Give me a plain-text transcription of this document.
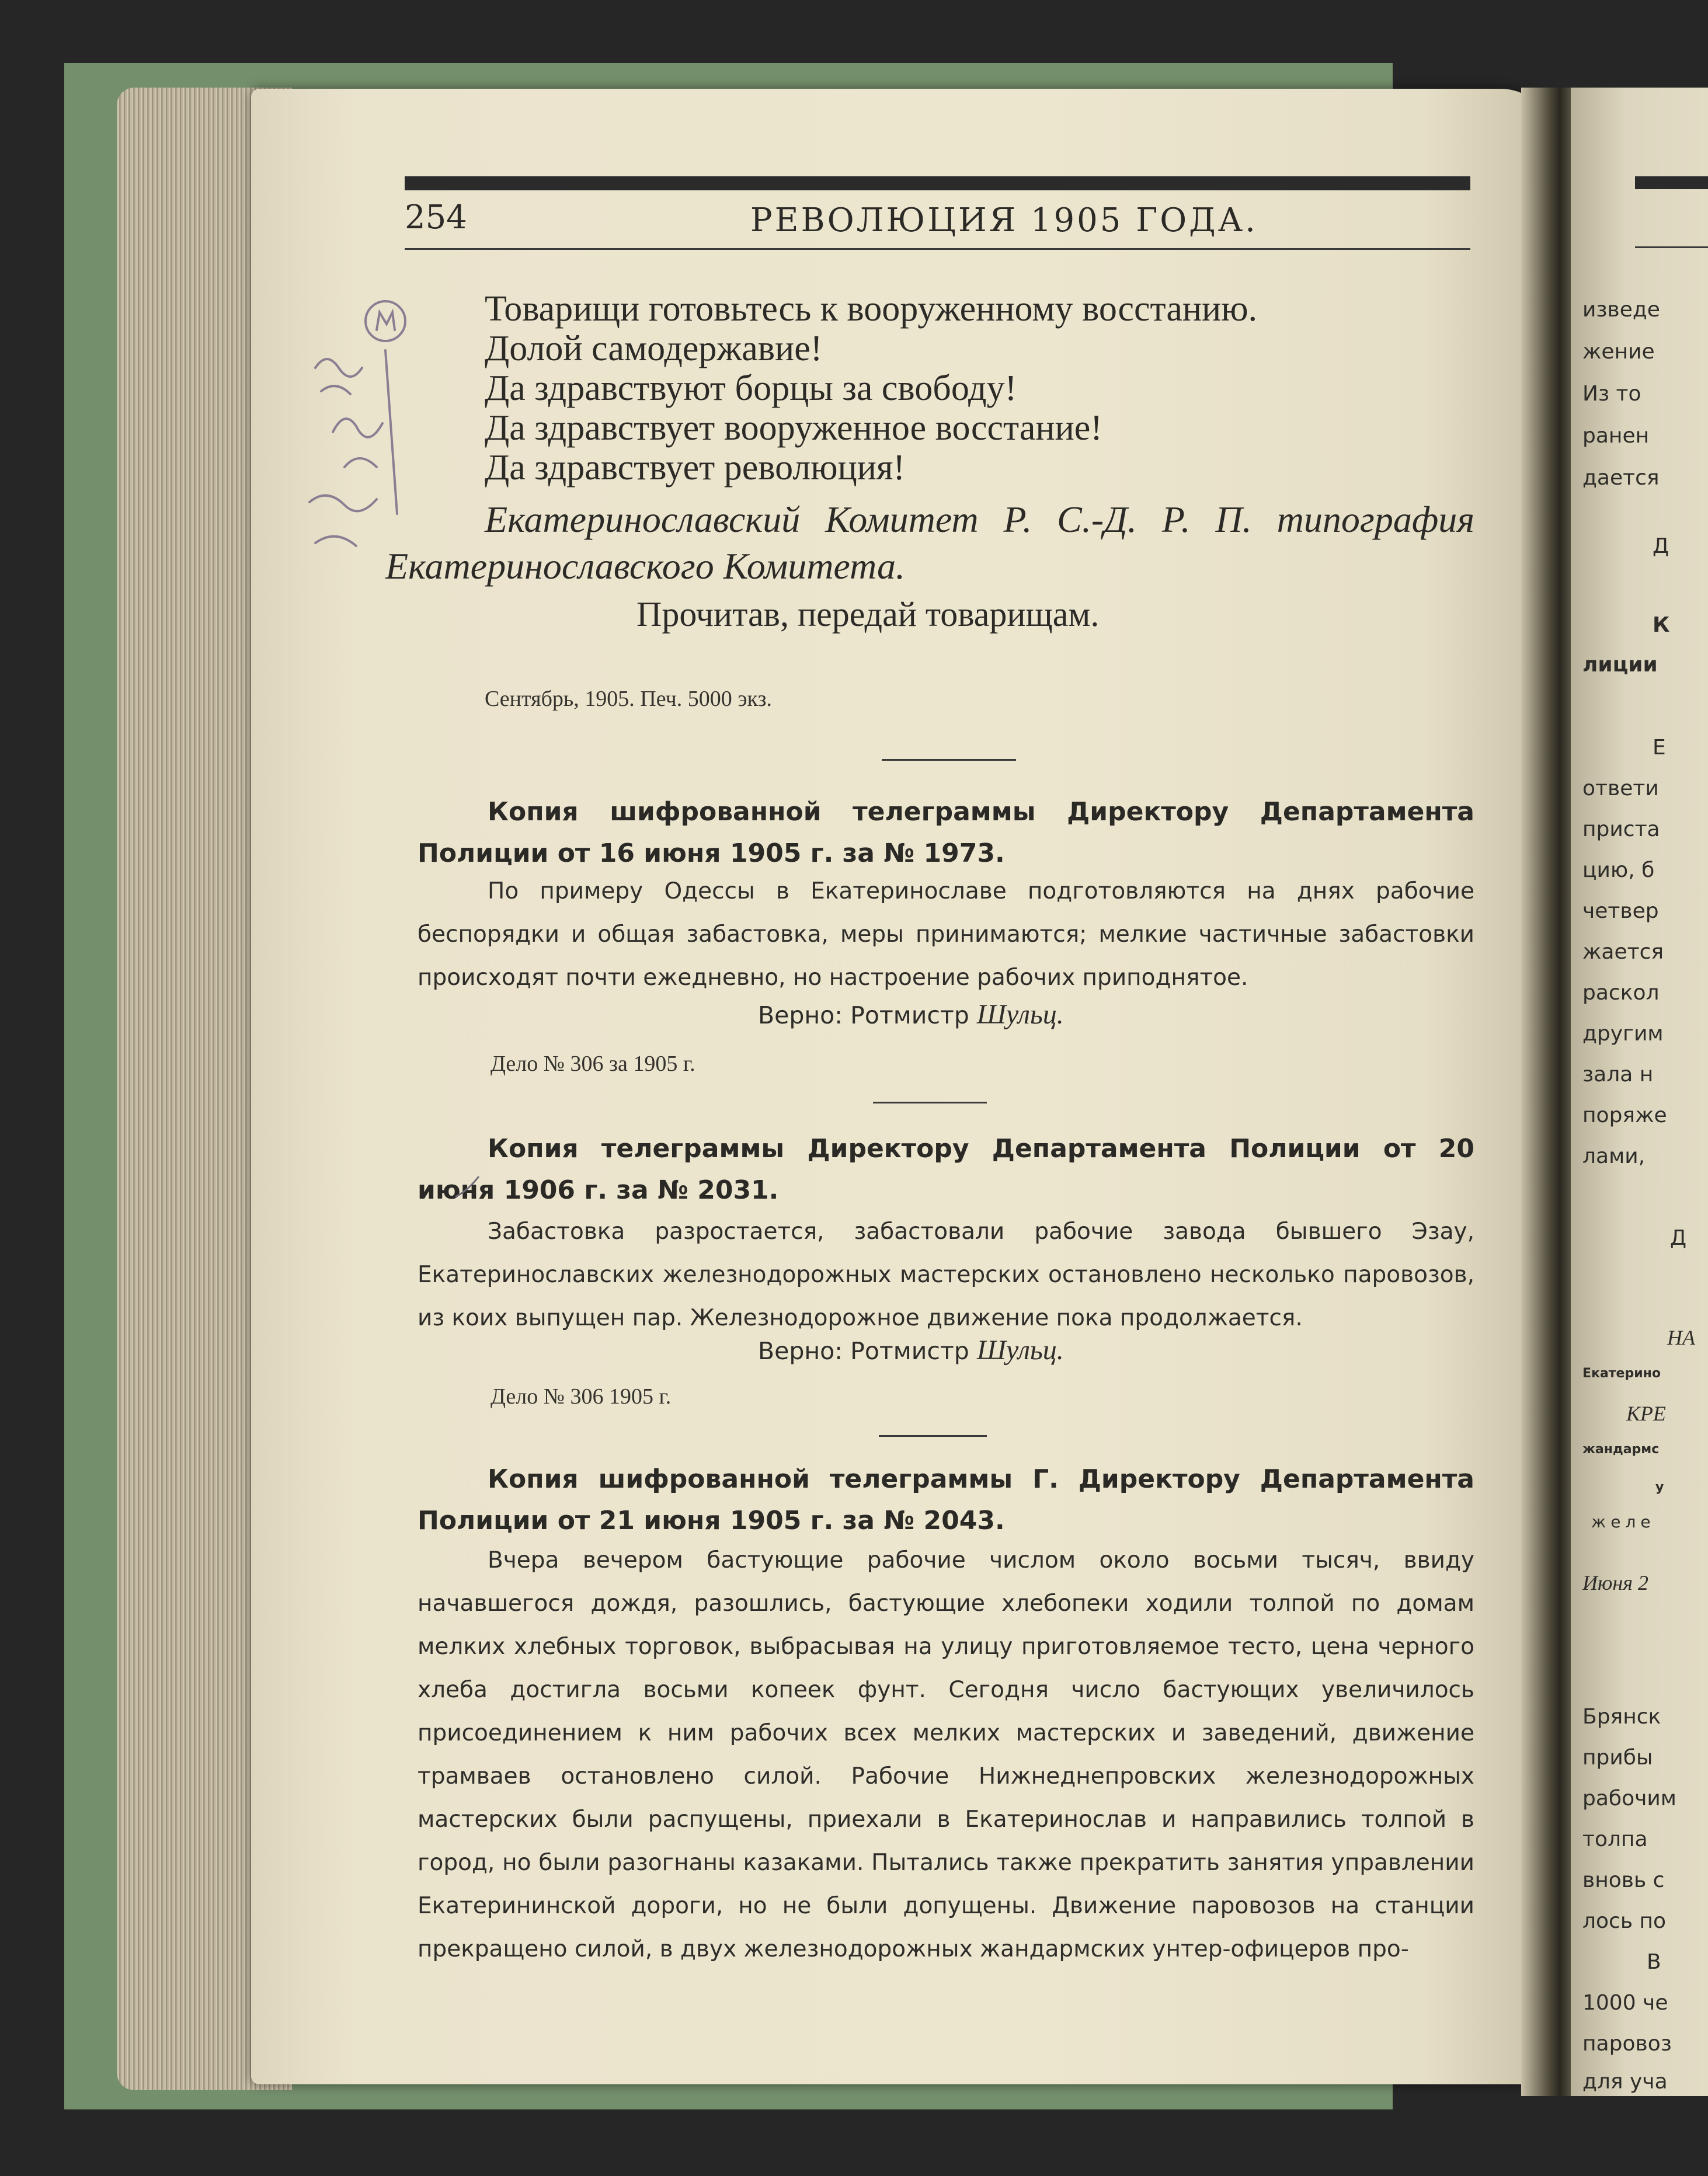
254	РЕВОЛЮЦИЯ 1905 ГОДА.
Товарищи готовьтесь к вооруженному восстанию.
Долой самодержавие!
Да здравствуют борцы за свободу!
Да здравствует вооруженное восстание!
Да здравствует революция!
Екатеринославский Комитет Р. С.-Д. Р. П. типография Екатеринославского Комитета.
Прочитав, передай товарищам.
Сентябрь, 1905. Печ. 5000 экз.
Копия шифрованной телеграммы Директору Департамента Полиции от 16 июня 1905 г. за № 1973.
По примеру Одессы в Екатеринославе подготовляются на днях рабочие беспорядки и общая забастовка, меры принимаются; мелкие частичные забастовки происходят почти ежедневно, но настроение рабочих приподнятое.
Верно: Ротмистр Шульц.
Дело № 306 за 1905 г.
Копия телеграммы Директору Департамента Полиции от 20 июня 1906 г. за № 2031.
Забастовка разростается, забастовали рабочие завода бывшего Эзау, Екатеринославских железнодорожных мастерских остановлено несколько паровозов, из коих выпущен пар. Железнодорожное движение пока продолжается.
Верно: Ротмистр Шульц.
Дело № 306 1905 г.
Копия шифрованной телеграммы Г. Директору Департамента Полиции от 21 июня 1905 г. за № 2043.
Вчера вечером бастующие рабочие числом около восьми тысяч, ввиду начавшегося дождя, разошлись, бастующие хлебопеки ходили толпой по домам мелких хлебных торговок, выбрасывая на улицу приготовляемое тесто, цена черного хлеба достигла восьми копеек фунт. Сегодня число бастующих увеличилось присоединением к ним рабочих всех мелких мастерских и заведений, движение трамваев остановлено силой. Рабочие Нижнеднепровских железнодорожных мастерских были распущены, приехали в Екатеринослав и направились толпой в город, но были разогнаны казаками. Пытались также прекратить занятия управлении Екатерининской дороги, но не были допущены. Движение паровозов на станции прекращено силой, в двух железнодорожных жандармских унтер-офицеров про-
изведе
жение
Из то
ранен
дается
Д
К
лиции
Е
ответи
приста
цию, б
четвер
жается
раскол
другим
зала н
поряже
лами,
Д
НА
Екатерино
КРЕ
жандармс
у
желе
Июня 2
Брянск
прибы
рабочим
толпа
вновь с
лось по
В
1000 че
паровоз
для уча
